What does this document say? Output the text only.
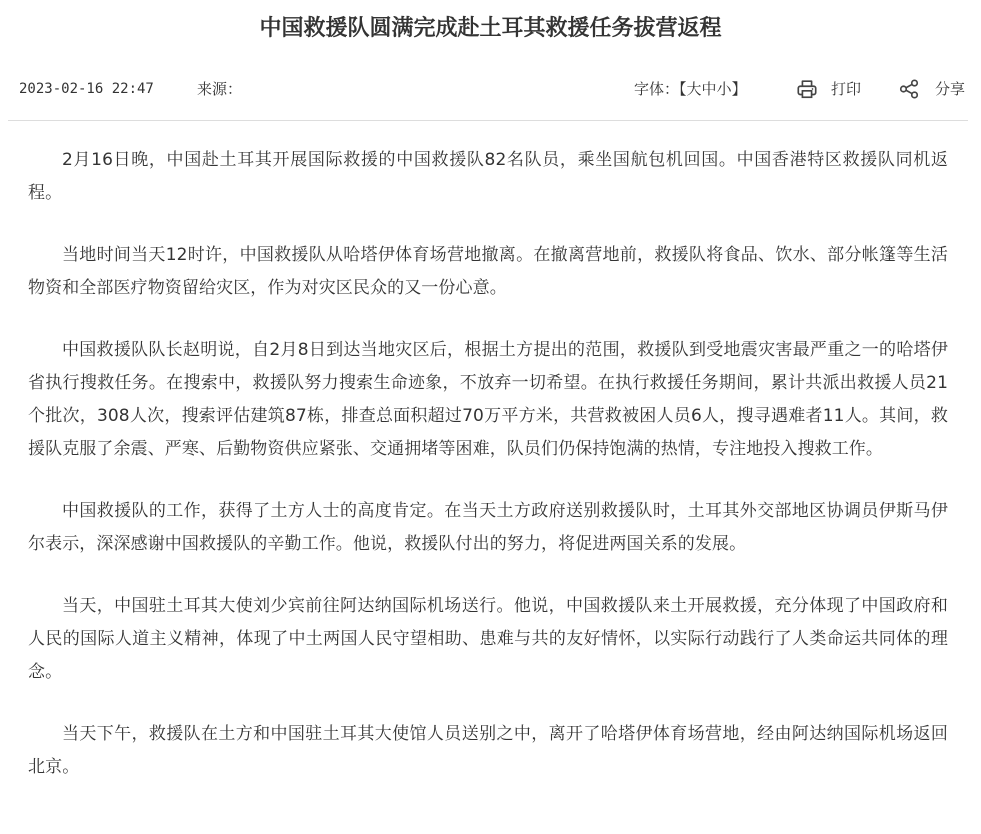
中国救援队圆满完成赴土耳其救援任务拔营返程
2023-02-16 22:47	来源：	字体：【大中小】	打印	分享

2月16日晚，中国赴土耳其开展国际救援的中国救援队82名队员，乘坐国航包机回国。中国香港特区救援队同机返程。

当地时间当天12时许，中国救援队从哈塔伊体育场营地撤离。在撤离营地前，救援队将食品、饮水、部分帐篷等生活物资和全部医疗物资留给灾区，作为对灾区民众的又一份心意。

中国救援队队长赵明说，自2月8日到达当地灾区后，根据土方提出的范围，救援队到受地震灾害最严重之一的哈塔伊省执行搜救任务。在搜索中，救援队努力搜索生命迹象，不放弃一切希望。在执行救援任务期间，累计共派出救援人员21个批次，308人次，搜索评估建筑87栋，排查总面积超过70万平方米，共营救被困人员6人，搜寻遇难者11人。其间，救援队克服了余震、严寒、后勤物资供应紧张、交通拥堵等困难，队员们仍保持饱满的热情，专注地投入搜救工作。

中国救援队的工作，获得了土方人士的高度肯定。在当天土方政府送别救援队时，土耳其外交部地区协调员伊斯马伊尔表示，深深感谢中国救援队的辛勤工作。他说，救援队付出的努力，将促进两国关系的发展。

当天，中国驻土耳其大使刘少宾前往阿达纳国际机场送行。他说，中国救援队来土开展救援，充分体现了中国政府和人民的国际人道主义精神，体现了中土两国人民守望相助、患难与共的友好情怀，以实际行动践行了人类命运共同体的理念。

当天下午，救援队在土方和中国驻土耳其大使馆人员送别之中，离开了哈塔伊体育场营地，经由阿达纳国际机场返回北京。
